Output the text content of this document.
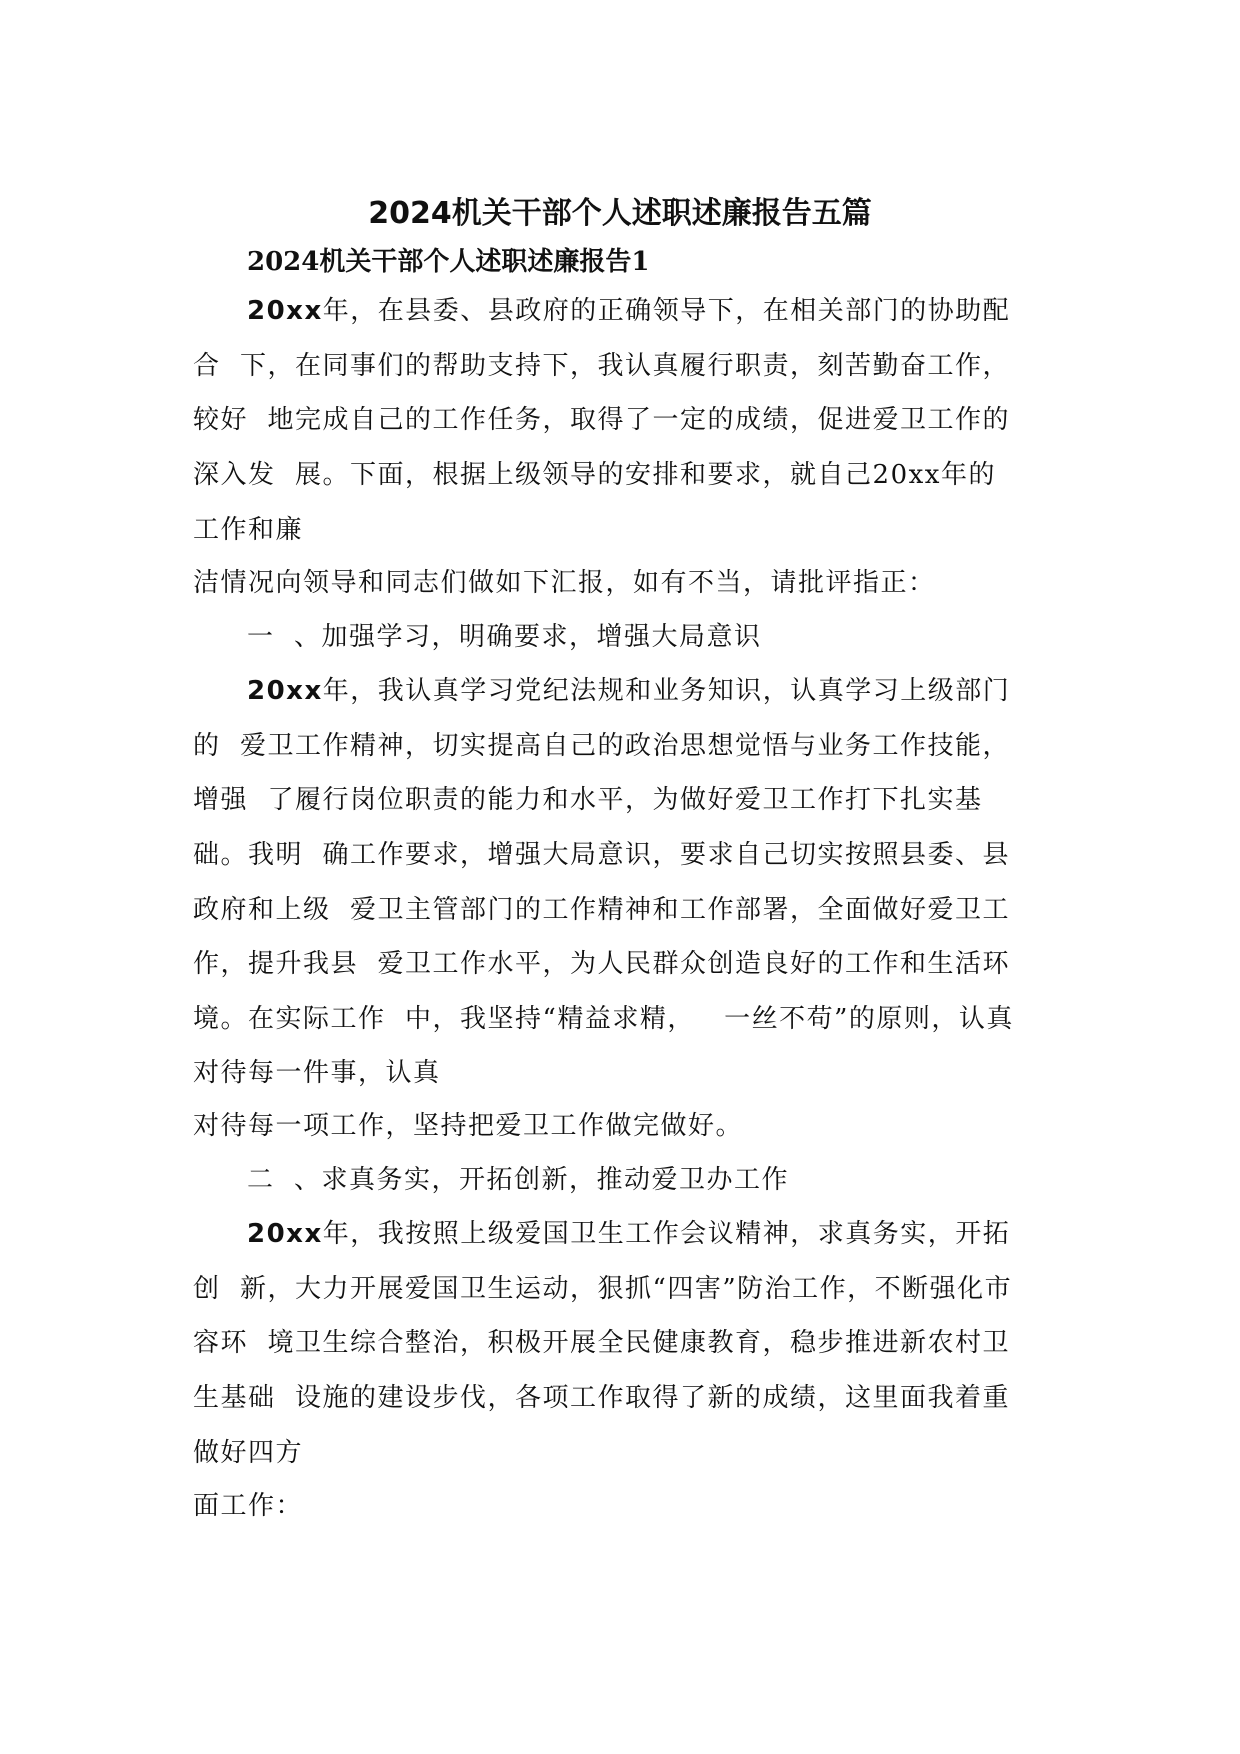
2024机关干部个人述职述廉报告五篇
2024机关干部个人述职述廉报告1

20xx年，在县委、县政府的正确领导下，在相关部门的协助配

合  下，在同事们的帮助支持下，我认真履行职责，刻苦勤奋工作，

较好  地完成自己的工作任务，取得了一定的成绩，促进爱卫工作的

深入发  展。下面，根据上级领导的安排和要求，就自己20xx年的

工作和廉

洁情况向领导和同志们做如下汇报，如有不当，请批评指正：

一  、加强学习，明确要求，增强大局意识

20xx年，我认真学习党纪法规和业务知识，认真学习上级部门

的  爱卫工作精神，切实提高自己的政治思想觉悟与业务工作技能，

增强  了履行岗位职责的能力和水平，为做好爱卫工作打下扎实基

础。我明  确工作要求，增强大局意识，要求自己切实按照县委、县

政府和上级  爱卫主管部门的工作精神和工作部署，全面做好爱卫工

作，提升我县  爱卫工作水平，为人民群众创造良好的工作和生活环

境。在实际工作  中，我坚持“精益求精，   一丝不苟”的原则，认真

对待每一件事，认真

对待每一项工作，坚持把爱卫工作做完做好。

二  、求真务实，开拓创新，推动爱卫办工作

20xx年，我按照上级爱国卫生工作会议精神，求真务实，开拓

创  新，大力开展爱国卫生运动，狠抓“四害”防治工作，不断强化市

容环  境卫生综合整治，积极开展全民健康教育，稳步推进新农村卫

生基础  设施的建设步伐，各项工作取得了新的成绩，这里面我着重

做好四方

面工作：
